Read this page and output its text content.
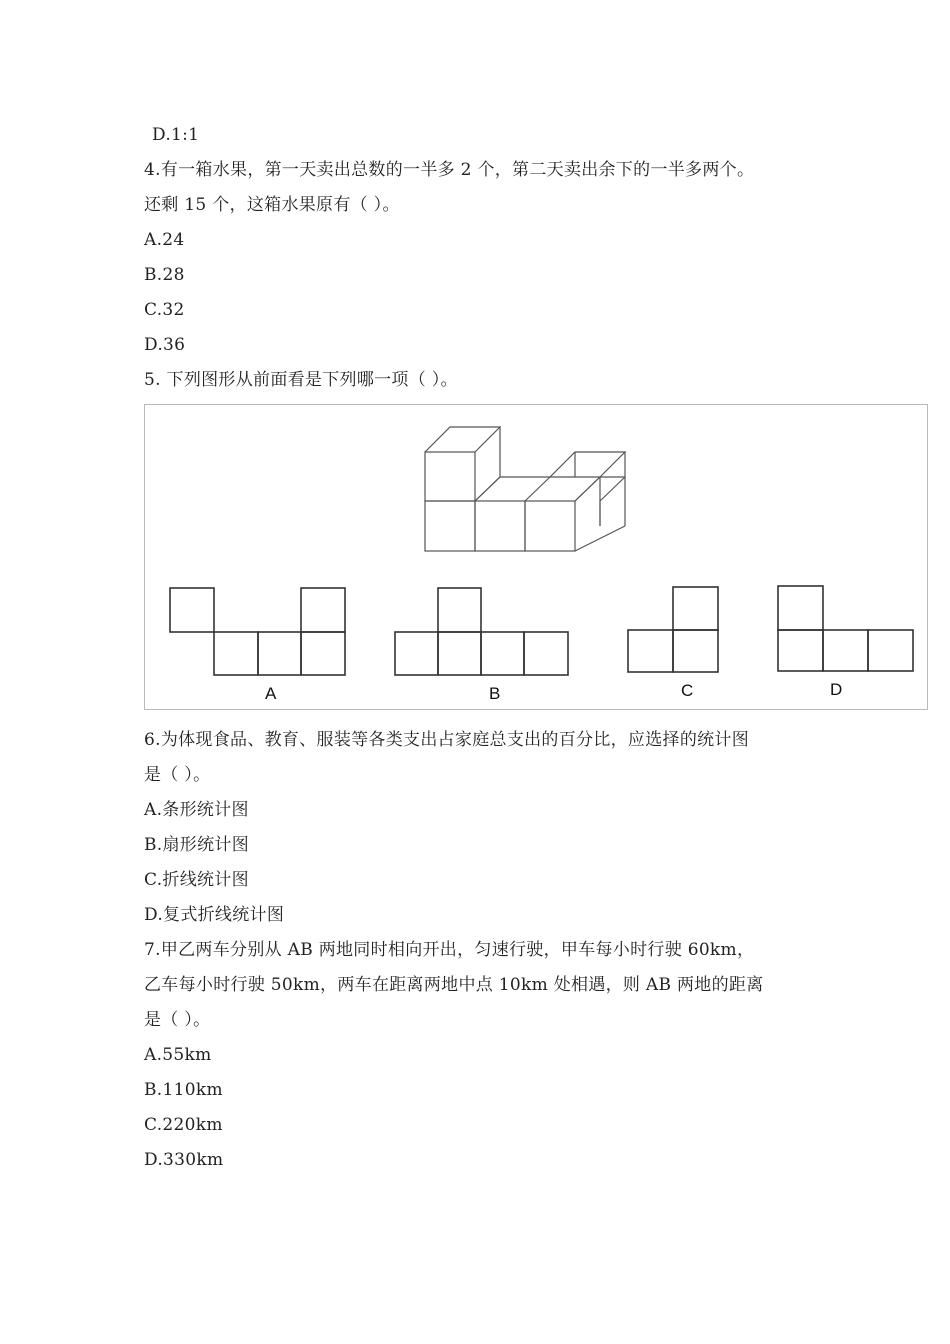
D.1:1
4.有一箱水果，第一天卖出总数的一半多 2 个，第二天卖出余下的一半多两个。
还剩 15 个，这箱水果原有（ ）。
A.24
B.28
C.32
D.36
5. 下列图形从前面看是下列哪一项（ ）。
A	B	C	D
6.为体现食品、教育、服装等各类支出占家庭总支出的百分比，应选择的统计图
是（ ）。
A.条形统计图
B.扇形统计图
C.折线统计图
D.复式折线统计图
7.甲乙两车分别从 AB 两地同时相向开出，匀速行驶，甲车每小时行驶 60km，
乙车每小时行驶 50km，两车在距离两地中点 10km 处相遇，则 AB 两地的距离
是（ ）。
A.55km
B.110km
C.220km
D.330km
